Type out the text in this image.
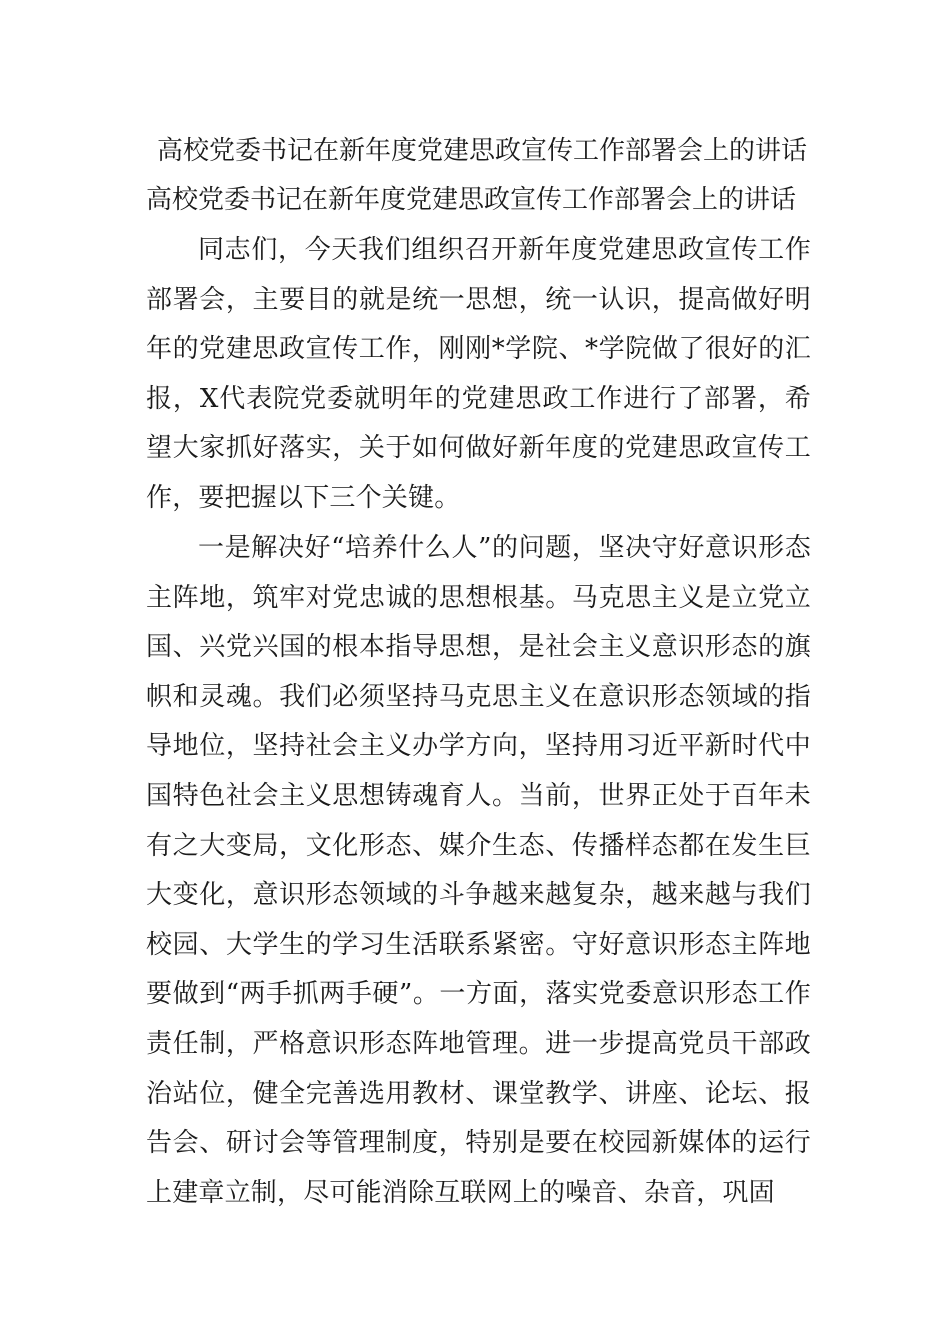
高校党委书记在新年度党建思政宣传工作部署会上的讲话
高校党委书记在新年度党建思政宣传工作部署会上的讲话

同志们，今天我们组织召开新年度党建思政宣传工作部署会，主要目的就是统一思想，统一认识，提高做好明年的党建思政宣传工作，刚刚*学院、*学院做了很好的汇报，X代表院党委就明年的党建思政工作进行了部署，希望大家抓好落实，关于如何做好新年度的党建思政宣传工作，要把握以下三个关键。

一是解决好“培养什么人”的问题，坚决守好意识形态主阵地，筑牢对党忠诚的思想根基。马克思主义是立党立国、兴党兴国的根本指导思想，是社会主义意识形态的旗帜和灵魂。我们必须坚持马克思主义在意识形态领域的指导地位，坚持社会主义办学方向，坚持用习近平新时代中国特色社会主义思想铸魂育人。当前，世界正处于百年未有之大变局，文化形态、媒介生态、传播样态都在发生巨大变化，意识形态领域的斗争越来越复杂，越来越与我们校园、大学生的学习生活联系紧密。守好意识形态主阵地要做到“两手抓两手硬”。一方面，落实党委意识形态工作责任制，严格意识形态阵地管理。进一步提高党员干部政治站位，健全完善选用教材、课堂教学、讲座、论坛、报告会、研讨会等管理制度，特别是要在校园新媒体的运行上建章立制，尽可能消除互联网上的噪音、杂音，巩固
